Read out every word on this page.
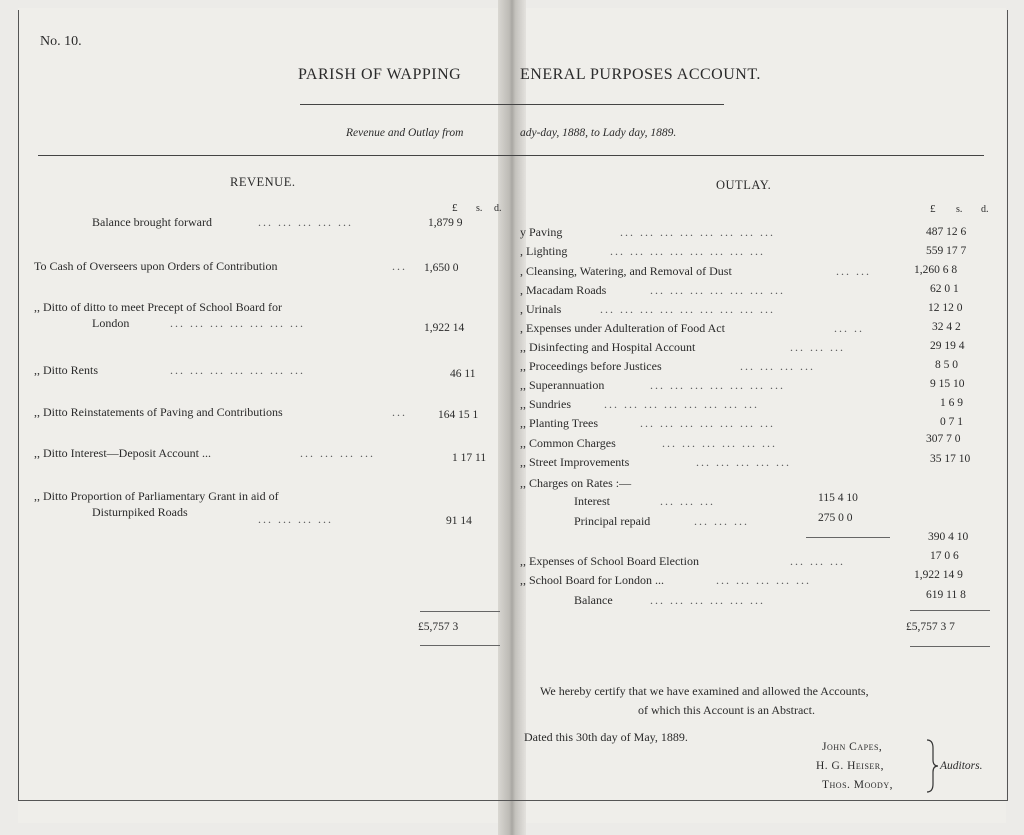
No. 10.
PARISH OF WAPPING	ENERAL PURPOSES ACCOUNT.
Revenue and Outlay from	ady-day, 1888, to Lady day, 1889.
REVENUE.
£ s. d.
Balance brought forward	... ... ... ... ...	1,879 9
To Cash of Overseers upon Orders of Contribution	... 1,650 0
,, Ditto of ditto to meet Precept of School Board for
London	... ... ... ... ... ... ...	1,922 14
,, Ditto Rents	... ... ... ... ... ... ...	46 11
,, Ditto Reinstatements of Paving and Contributions	...	164 15 1
,, Ditto Interest—Deposit Account ...	... ... ... ...	1 17 11
,, Ditto Proportion of Parliamentary Grant in aid of
Disturnpiked Roads	... ... ... ...	91 14
£5,757 3
OUTLAY.
£ s. d.
y Paving	... ... ... ... ... ... ... ...	487 12 6
, Lighting	... ... ... ... ... ... ... ...	559 17 7
, Cleansing, Watering, and Removal of Dust	... ...	1,260 6 8
, Macadam Roads	... ... ... ... ... ... ...	62 0 1
, Urinals	... ... ... ... ... ... ... ... ...	12 12 0
, Expenses under Adulteration of Food Act	... ..	32 4 2
,, Disinfecting and Hospital Account	... ... ...	29 19 4
,, Proceedings before Justices	... ... ... ...	8 5 0
,, Superannuation	... ... ... ... ... ... ...	9 15 10
,, Sundries	... ... ... ... ... ... ... ...	1 6 9
,, Planting Trees	... ... ... ... ... ... ...	0 7 1
,, Common Charges	... ... ... ... ... ...	307 7 0
,, Street Improvements	... ... ... ... ...	35 17 10
,, Charges on Rates :—
Interest	... ... ...	115 4 10
Principal repaid	... ... ...	275 0 0
390 4 10
,, Expenses of School Board Election	... ... ...	17 0 6
,, School Board for London ...	... ... ... ... ...	1,922 14 9
Balance	... ... ... ... ... ...	619 11 8
£5,757 3 7
We hereby certify that we have examined and allowed the Accounts,
of which this Account is an Abstract.
Dated this 30th day of May, 1889.
John Capes,
H. G. Heiser,
Thos. Moody,
Auditors.
